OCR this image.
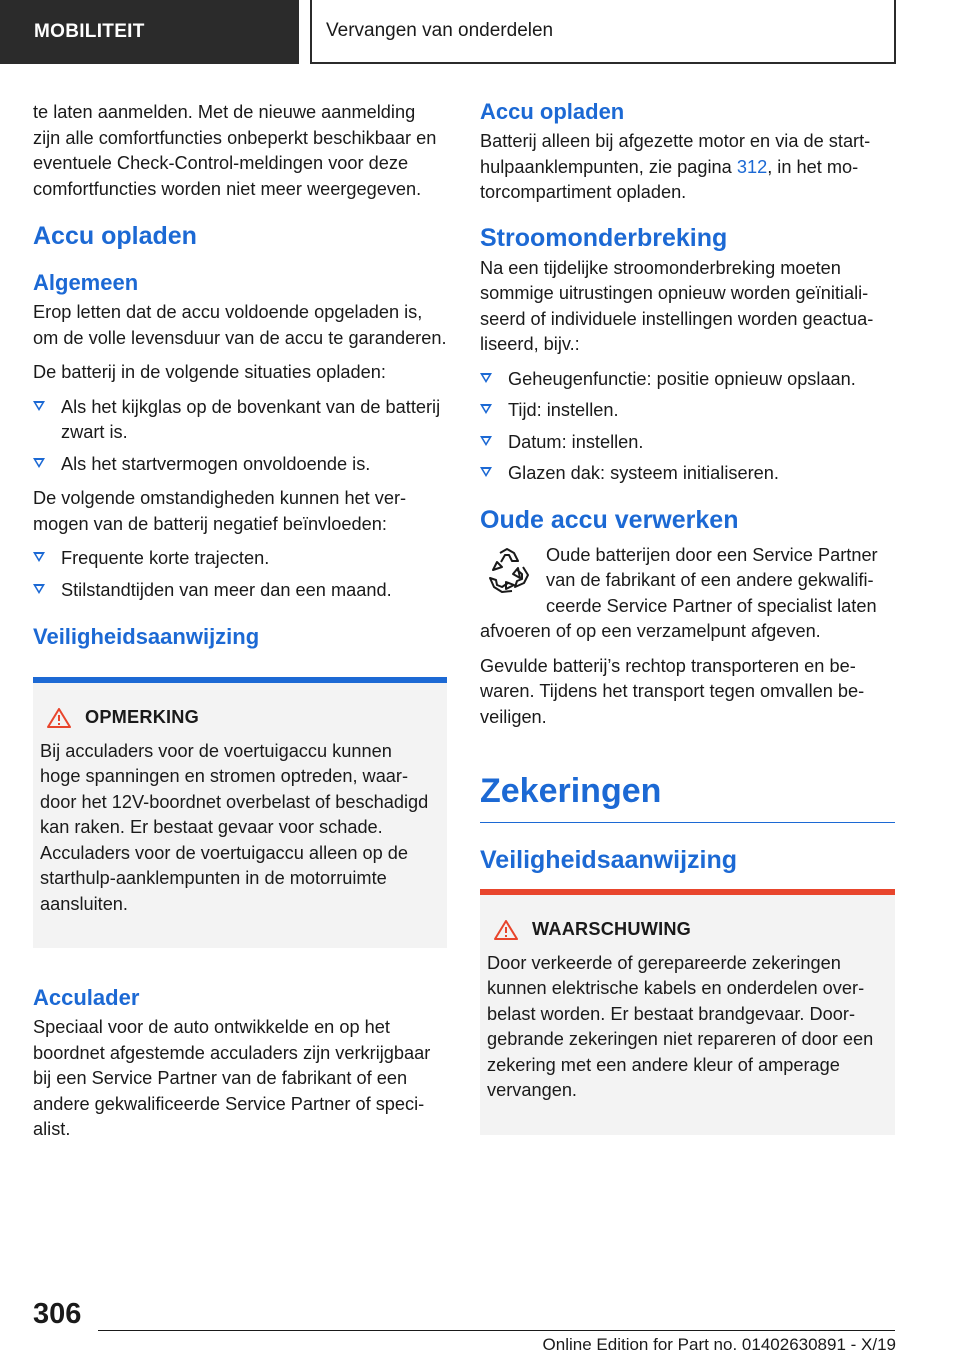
MOBILITEIT	Vervangen van onderdelen

te laten aanmelden. Met de nieuwe aanmelding zijn alle comfortfuncties onbeperkt beschikbaar en eventuele Check-Control-meldingen voor deze comfortfuncties worden niet meer weergegeven.

Accu opladen
Algemeen

Erop letten dat de accu voldoende opgeladen is, om de volle levensduur van de accu te garanderen.

De batterij in de volgende situaties opladen:

Als het kijkglas op de bovenkant van de batterij zwart is.
Als het startvermogen onvoldoende is.

De volgende omstandigheden kunnen het vermogen van de batterij negatief beïnvloeden:

Frequente korte trajecten.
Stilstandtijden van meer dan een maand.
Veiligheidsaanwijzing
OPMERKING

Bij acculaders voor de voertuigaccu kunnen hoge spanningen en stromen optreden, waardoor het 12V-boordnet overbelast of beschadigd kan raken. Er bestaat gevaar voor schade. Acculaders voor de voertuigaccu alleen op de starthulp-aanklempunten in de motorruimte aansluiten.

Acculader

Speciaal voor de auto ontwikkelde en op het boordnet afgestemde acculaders zijn verkrijgbaar bij een Service Partner van de fabrikant of een andere gekwalificeerde Service Partner of specialist.

Accu opladen

Batterij alleen bij afgezette motor en via de starthulpaanklempunten, zie pagina 312, in het motorcompartiment opladen.

Stroomonderbreking

Na een tijdelijke stroomonderbreking moeten sommige uitrustingen opnieuw worden geïnitialiseerd of individuele instellingen worden geactualiseerd, bijv.:

Geheugenfunctie: positie opnieuw opslaan.
Tijd: instellen.
Datum: instellen.
Glazen dak: systeem initialiseren.
Oude accu verwerken

Oude batterijen door een Service Partner van de fabrikant of een andere gekwalificeerde Service Partner of specialist laten afvoeren of op een verzamelpunt afgeven.

Gevulde batterij’s rechtop transporteren en bewaren. Tijdens het transport tegen omvallen beveiligen.

Zekeringen
Veiligheidsaanwijzing
WAARSCHUWING

Door verkeerde of gerepareerde zekeringen kunnen elektrische kabels en onderdelen overbelast worden. Er bestaat brandgevaar. Doorgebrande zekeringen niet repareren of door een zekering met een andere kleur of amperage vervangen.

306
Online Edition for Part no. 01402630891 - X/19
